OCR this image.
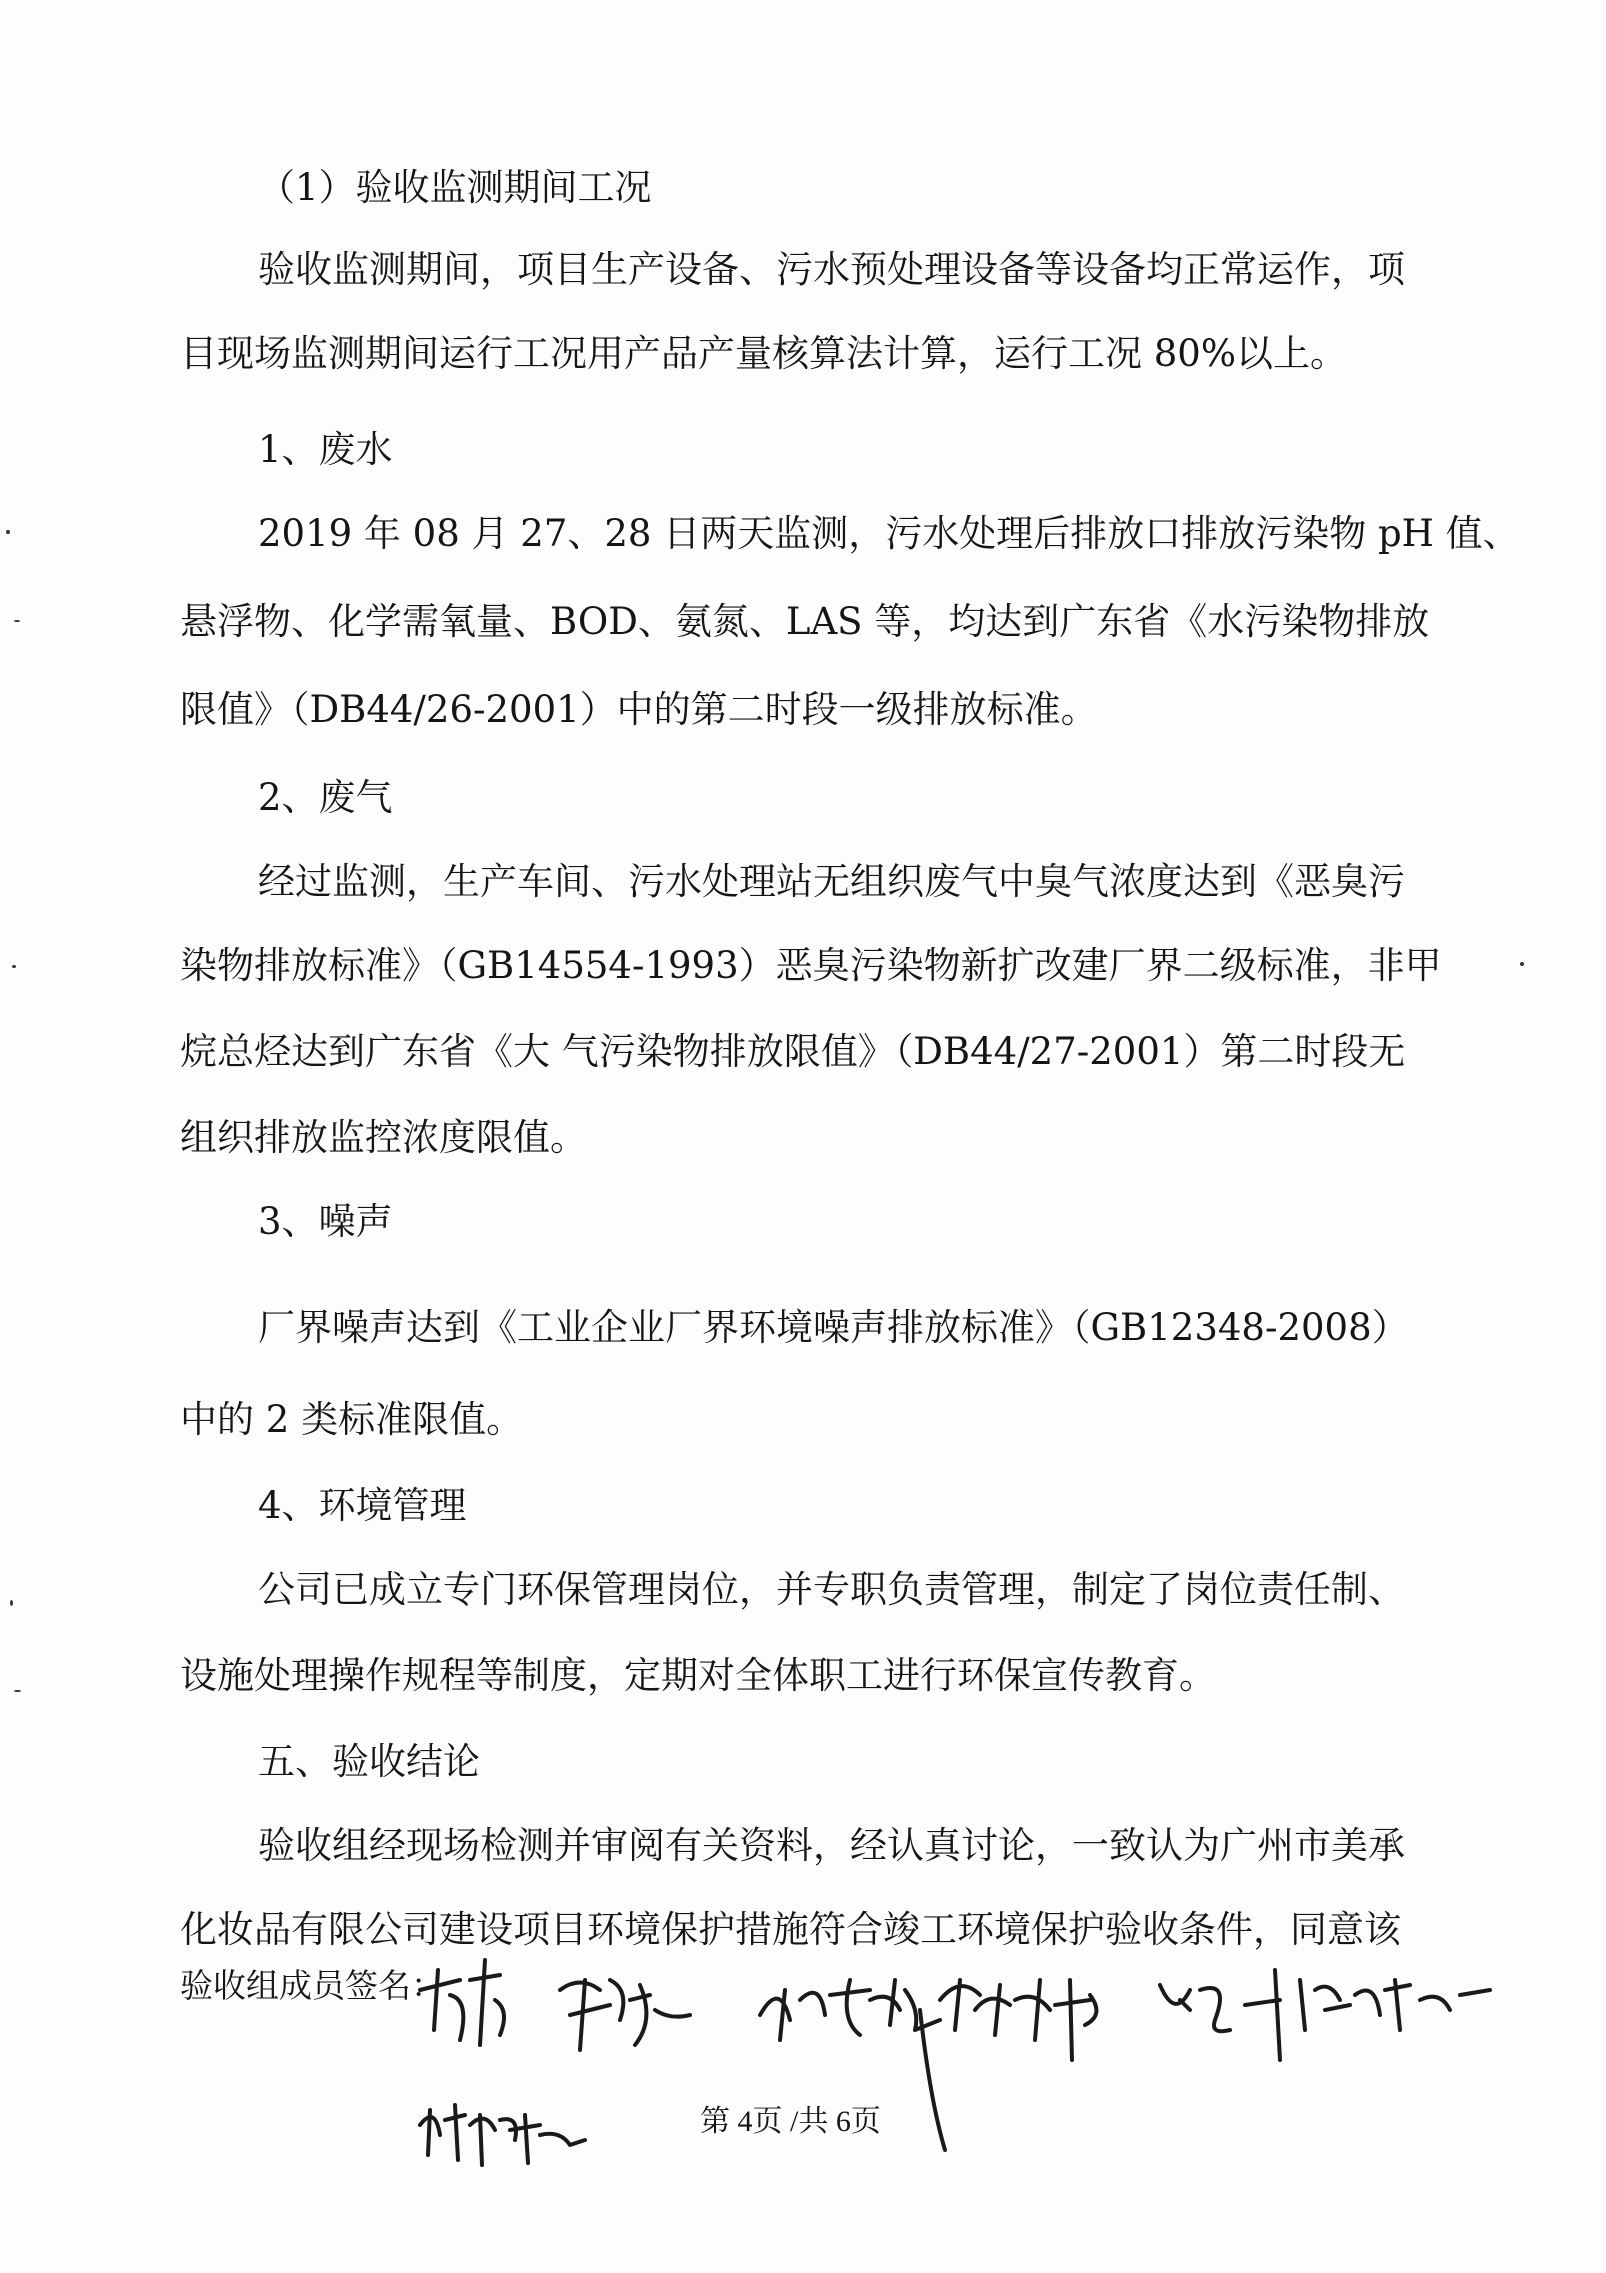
（1）验收监测期间工况
验收监测期间，项目生产设备、污水预处理设备等设备均正常运作，项
目现场监测期间运行工况用产品产量核算法计算，运行工况 80%以上。
1、废水
2019 年 08 月 27、28 日两天监测，污水处理后排放口排放污染物 pH 值、
悬浮物、化学需氧量、BOD、氨氮、LAS 等，均达到广东省《水污染物排放
限值》（DB44/26-2001）中的第二时段一级排放标准。
2、废气
经过监测，生产车间、污水处理站无组织废气中臭气浓度达到《恶臭污
染物排放标准》（GB14554-1993）恶臭污染物新扩改建厂界二级标准，非甲
烷总烃达到广东省《大 气污染物排放限值》（DB44/27-2001）第二时段无
组织排放监控浓度限值。
3、噪声
厂界噪声达到《工业企业厂界环境噪声排放标准》（GB12348-2008）
中的 2 类标准限值。
4、环境管理
公司已成立专门环保管理岗位，并专职负责管理，制定了岗位责任制、
设施处理操作规程等制度，定期对全体职工进行环保宣传教育。
五、验收结论
验收组经现场检测并审阅有关资料，经认真讨论，一致认为广州市美承
化妆品有限公司建设项目环境保护措施符合竣工环境保护验收条件，同意该
验收组成员签名：
第 4页 /共 6页
